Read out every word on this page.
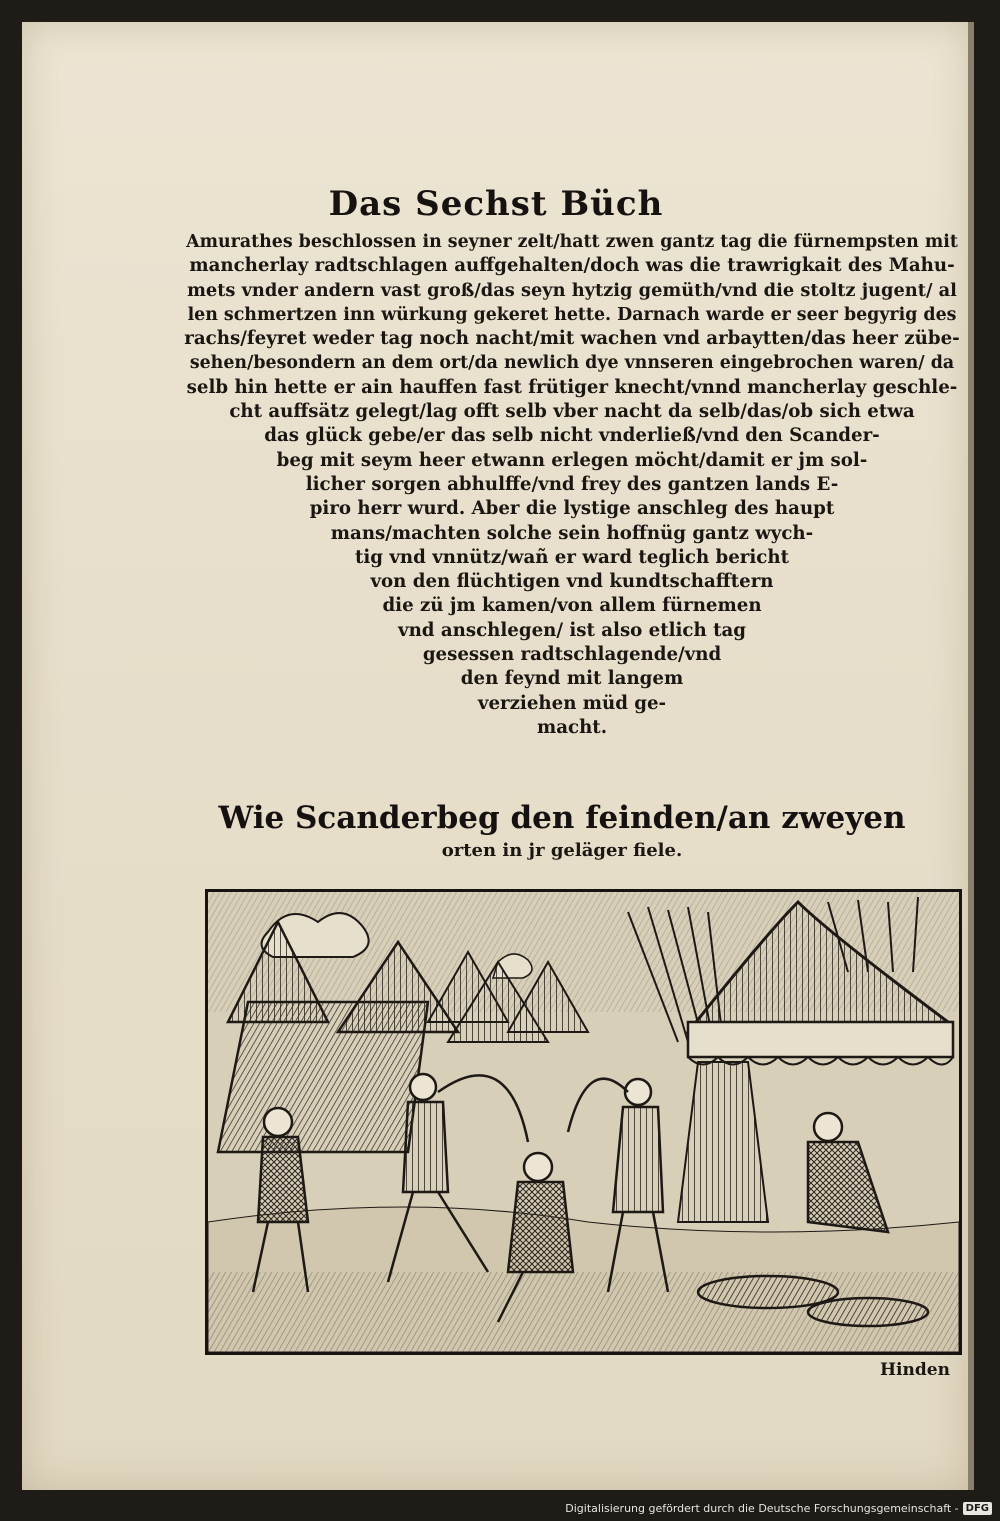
Das Sechst Büch
Amurathes beschlossen in seyner zelt/hatt zwen gantz tag die fürnempsten mit
mancherlay radtschlagen auffgehalten/doch was die trawrigkait des Mahu-
mets vnder andern vast groß/das seyn hytzig gemüth/vnd die stoltz jugent/ al
len schmertzen inn würkung gekeret hette. Darnach warde er seer begyrig des
rachs/feyret weder tag noch nacht/mit wachen vnd arbaytten/das heer zübe-
sehen/besondern an dem ort/da newlich dye vnnseren eingebrochen waren/ da
selb hin hette er ain hauffen fast frütiger knecht/vnnd mancherlay geschle-
cht auffsätz gelegt/lag offt selb vber nacht da selb/das/ob sich etwa
das glück gebe/er das selb nicht vnderließ/vnd den Scander-
beg mit seym heer etwann erlegen möcht/damit er jm sol-
licher sorgen abhulffe/vnd frey des gantzen lands E-
piro herr wurd. Aber die lystige anschleg des haupt
mans/machten solche sein hoffnüg gantz wych-
tig vnd vnnütz/wañ er ward teglich bericht
von den flüchtigen vnd kundtschafftern
die zü jm kamen/von allem fürnemen
vnd anschlegen/ ist also etlich tag
gesessen radtschlagende/vnd
den feynd mit langem
verziehen müd ge-
macht.
Wie Scanderbeg den feinden/an zweyen
orten in jr geläger fiele.
Hinden
Digitalisierung gefördert durch die Deutsche Forschungsgemeinschaft - DFG
